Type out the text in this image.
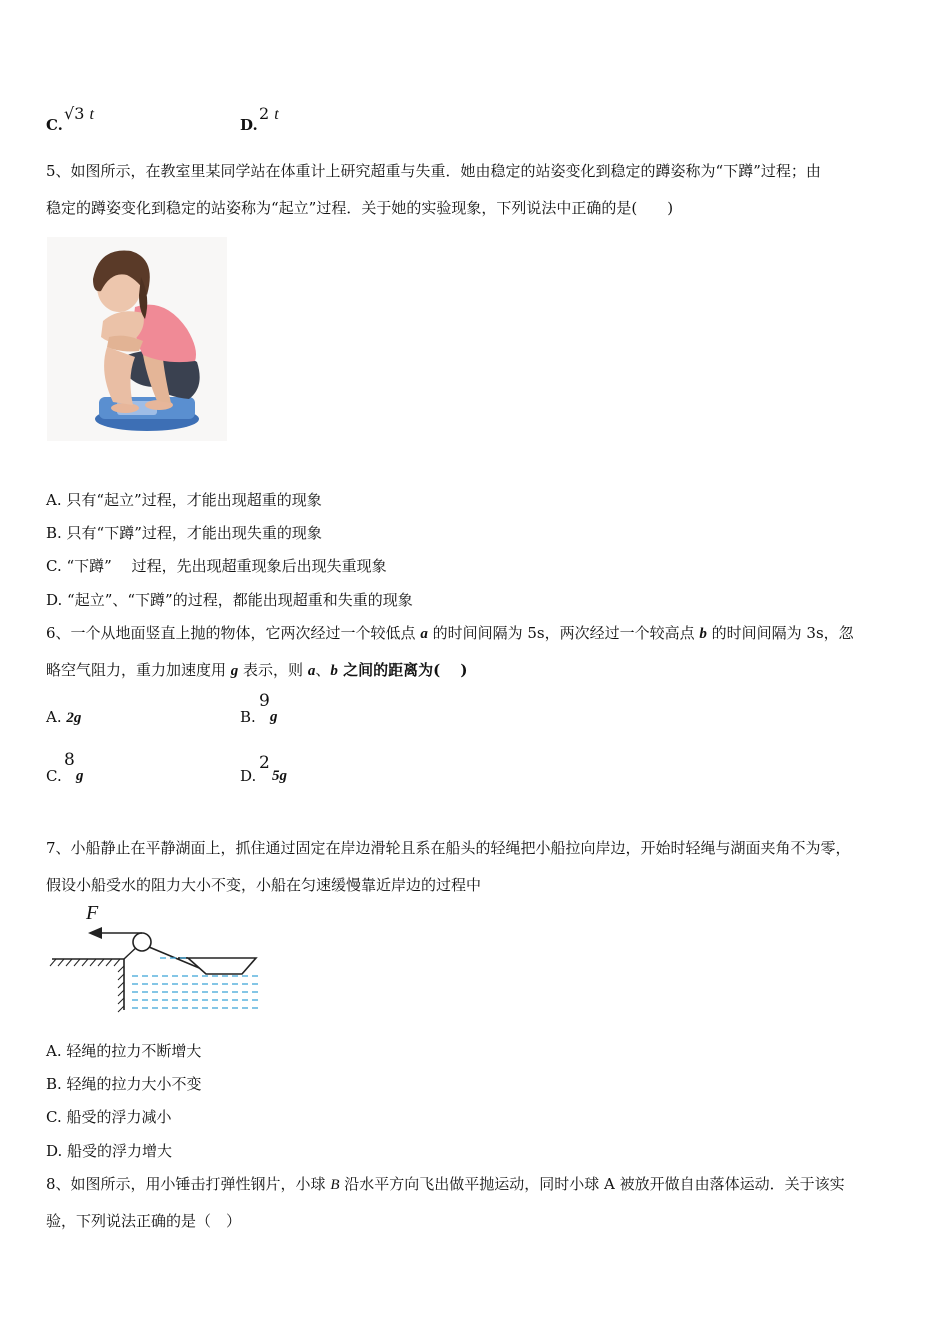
C.
√3 t
D.
2 t
5、如图所示，在教室里某同学站在体重计上研究超重与失重．她由稳定的站姿变化到稳定的蹲姿称为“下蹲”过程；由
稳定的蹲姿变化到稳定的站姿称为“起立”过程．关于她的实验现象，下列说法中正确的是(　　)
A. 只有“起立”过程，才能出现超重的现象
B. 只有“下蹲”过程，才能出现失重的现象
C. “下蹲”　 过程，先出现超重现象后出现失重现象
D. “起立”、“下蹲”的过程，都能出现超重和失重的现象
6、一个从地面竖直上抛的物体，它两次经过一个较低点 a 的时间间隔为 5s，两次经过一个较高点 b 的时间间隔为 3s，忽
略空气阻力，重力加速度用 g 表示，则 a、b 之间的距离为(　 )
A. 2g	B.
9
g
C.
8
g	D.
2
5g
7、小船静止在平静湖面上，抓住通过固定在岸边滑轮且系在船头的轻绳把小船拉向岸边，开始时轻绳与湖面夹角不为零，
假设小船受水的阻力大小不变，小船在匀速缓慢靠近岸边的过程中
F
A. 轻绳的拉力不断增大
B. 轻绳的拉力大小不变
C. 船受的浮力减小
D. 船受的浮力增大
8、如图所示，用小锤击打弹性钢片，小球 B 沿水平方向飞出做平抛运动，同时小球 A 被放开做自由落体运动．关于该实
验，下列说法正确的是（　）
